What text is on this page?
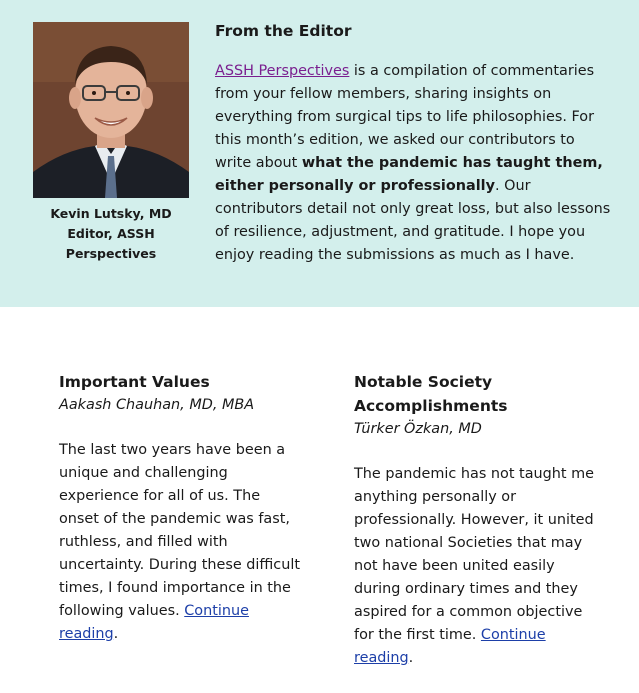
Kevin Lutsky, MD
Editor, ASSH
Perspectives
From the Editor

ASSH Perspectives is a compilation of commentaries from your fellow members, sharing insights on everything from surgical tips to life philosophies. For this month’s edition, we asked our contributors to write about what the pandemic has taught them, either personally or professionally. Our contributors detail not only great loss, but also lessons of resilience, adjustment, and gratitude. I hope you enjoy reading the submissions as much as I have.

Important Values

Aakash Chauhan, MD, MBA

The last two years have been a unique and challenging experience for all of us. The onset of the pandemic was fast, ruthless, and filled with uncertainty. During these difficult times, I found importance in the following values. Continue reading.

Notable Society Accomplishments

Türker Özkan, MD

The pandemic has not taught me anything personally or professionally. However, it united two national Societies that may not have been united easily during ordinary times and they aspired for a common objective for the first time. Continue reading.
